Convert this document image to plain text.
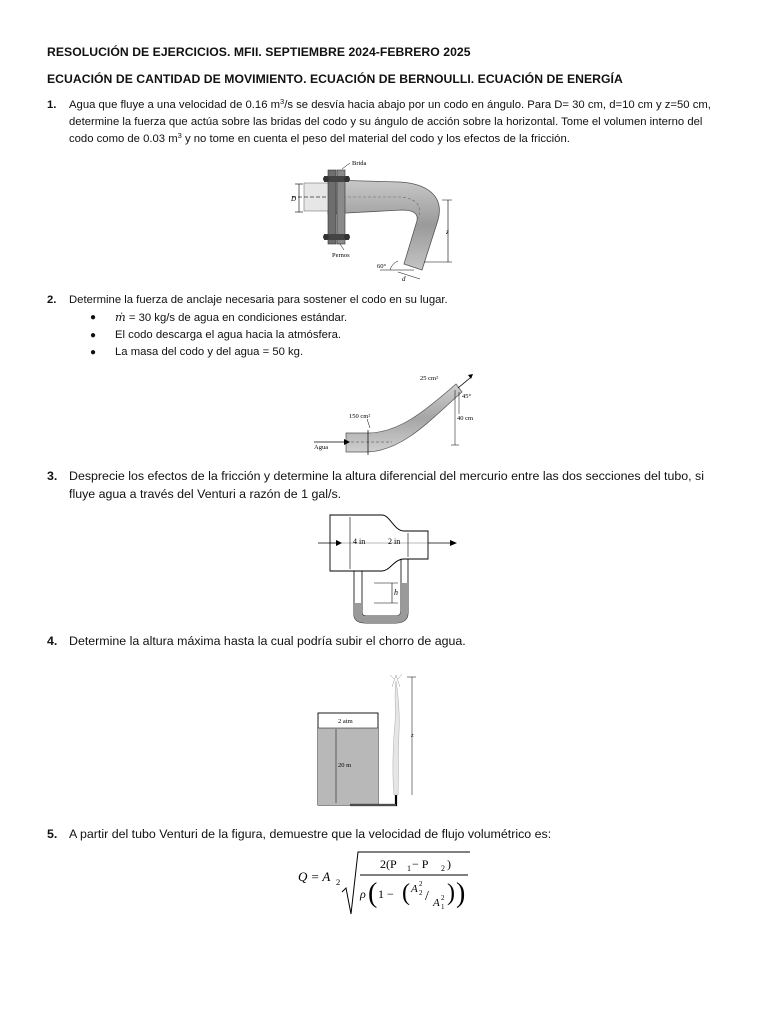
RESOLUCIÓN DE EJERCICIOS. MFII. SEPTIEMBRE 2024-FEBRERO 2025
ECUACIÓN DE CANTIDAD DE MOVIMIENTO. ECUACIÓN DE BERNOULLI. ECUACIÓN DE ENERGÍA
1. Agua que fluye a una velocidad de 0.16 $m^3/s$ se desvía hacia abajo por un codo en ángulo. Para D= 30 cm, d=10 cm y z=50 cm, determine la fuerza que actúa sobre las bridas del codo y su ángulo de acción sobre la horizontal. Tome el volumen interno del codo como de 0.03 $m^3$ y no tome en cuenta el peso del material del codo y los efectos de la fricción.
D
Brida
Pernos
z
60°
d
2. Determine la fuerza de anclaje necesaria para sostener el codo en su lugar.
● ṁ = 30 kg/s de agua en condiciones estándar.
● El codo descarga el agua hacia la atmósfera.
● La masa del codo y del agua = 50 kg.
Agua
25 cm²
150 cm²
45°
40 cm
3. Desprecie los efectos de la fricción y determine la altura diferencial del mercurio entre las dos secciones del tubo, si fluye agua a través del Venturi a razón de 1 gal/s.
4 in	2 in
h
4. Determine la altura máxima hasta la cual podría subir el chorro de agua.
2 atm
20 m
z
5. A partir del tubo Venturi de la figura, demuestre que la velocidad de flujo volumétrico es:
Q = A 2
2(P 1 − P 2 )
ρ ( 1 − ( A 2
2
/ A 1
2 ) )
